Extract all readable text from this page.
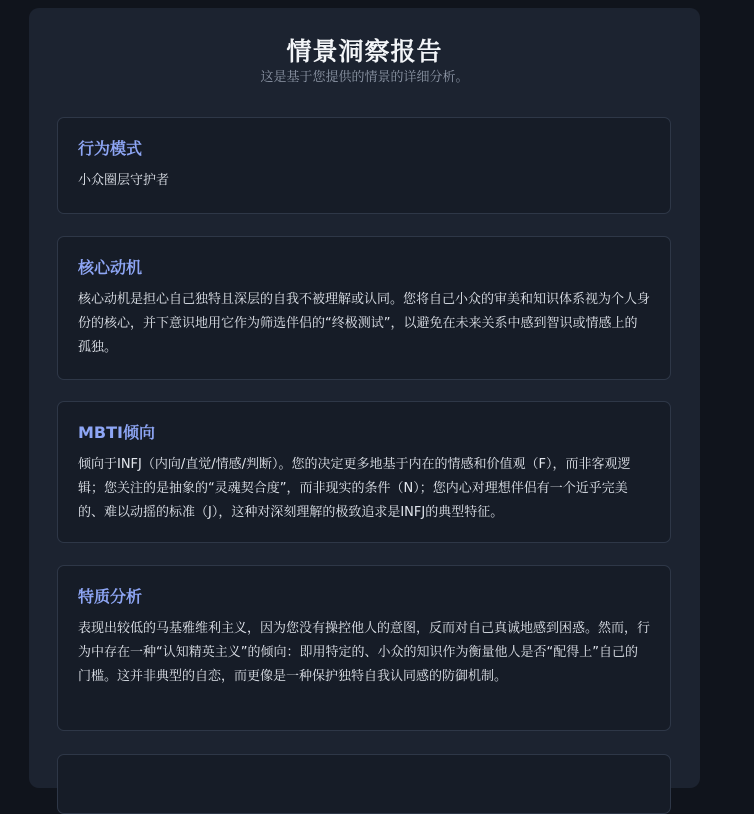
情景洞察报告
这是基于您提供的情景的详细分析。
行为模式
小众圈层守护者
核心动机
核心动机是担心自己独特且深层的自我不被理解或认同。您将自己小众的审美和知识体系视为个人身份的核心，并下意识地用它作为筛选伴侣的“终极测试”，以避免在未来关系中感到智识或情感上的孤独。
MBTI倾向
倾向于INFJ（内向/直觉/情感/判断）。您的决定更多地基于内在的情感和价值观（F），而非客观逻辑；您关注的是抽象的“灵魂契合度”，而非现实的条件（N）；您内心对理想伴侣有一个近乎完美的、难以动摇的标准（J），这种对深刻理解的极致追求是INFJ的典型特征。
特质分析
表现出较低的马基雅维利主义，因为您没有操控他人的意图，反而对自己真诚地感到困惑。然而，行为中存在一种“认知精英主义”的倾向：即用特定的、小众的知识作为衡量他人是否“配得上”自己的门槛。这并非典型的自恋，而更像是一种保护独特自我认同感的防御机制。
